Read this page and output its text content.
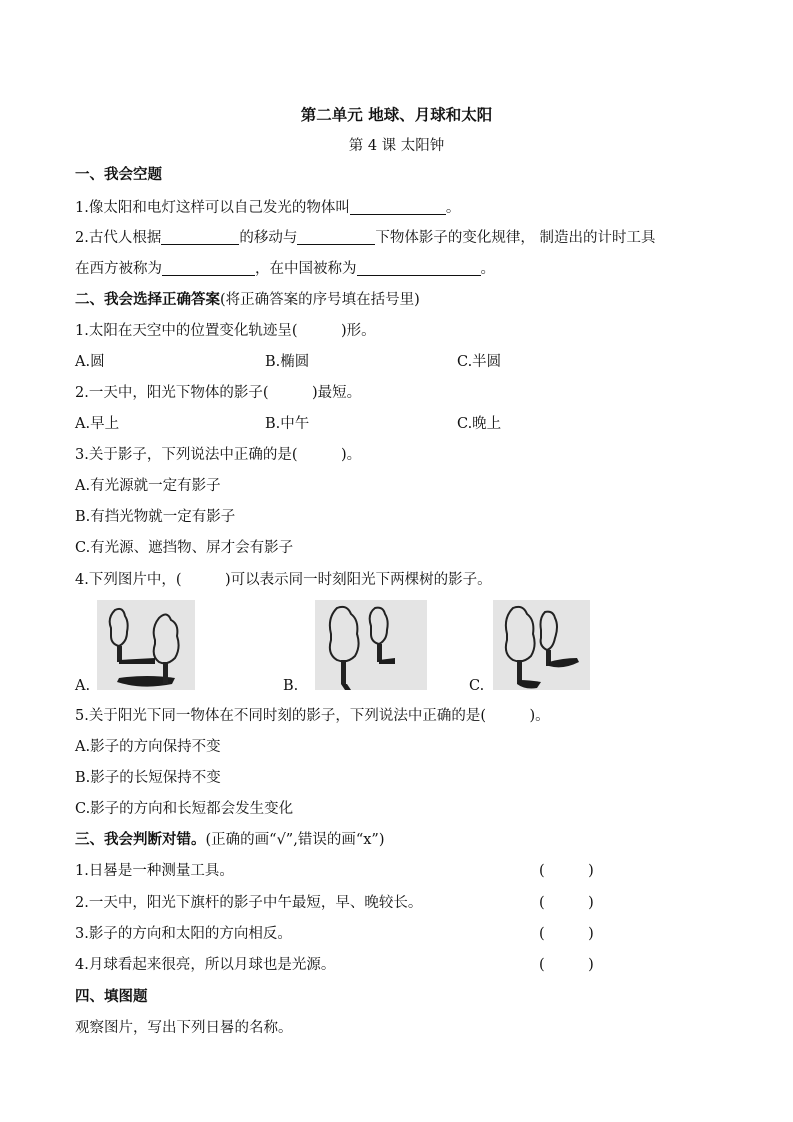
第二单元 地球、月球和太阳
第 4 课 太阳钟
一、我会空题
1.像太阳和电灯这样可以自己发光的物体叫	。
2.古代人根据	的移动与	下物体影子的变化规律， 制造出的计时工具
在西方被称为	，在中国被称为	。
二、我会选择正确答案(将正确答案的序号填在括号里)
1.太阳在天空中的位置变化轨迹呈(　　　)形。
A.圆	B.椭圆	C.半圆
2.一天中，阳光下物体的影子(　　　)最短。
A.早上	B.中午	C.晚上
3.关于影子，下列说法中正确的是(　　　)。
A.有光源就一定有影子
B.有挡光物就一定有影子
C.有光源、遮挡物、屏才会有影子
4.下列图片中，(　　　)可以表示同一时刻阳光下两棵树的影子。
A.	B.	C.
5.关于阳光下同一物体在不同时刻的影子，下列说法中正确的是(　　　)。
A.影子的方向保持不变
B.影子的长短保持不变
C.影子的方向和长短都会发生变化
三、我会判断对错。(正确的画“√”,错误的画“x”)
1.日晷是一种测量工具。	(　　　)
2.一天中，阳光下旗杆的影子中午最短，早、晚较长。	(　　　)
3.影子的方向和太阳的方向相反。	(　　　)
4.月球看起来很亮，所以月球也是光源。	(　　　)
四、填图题
观察图片，写出下列日晷的名称。
